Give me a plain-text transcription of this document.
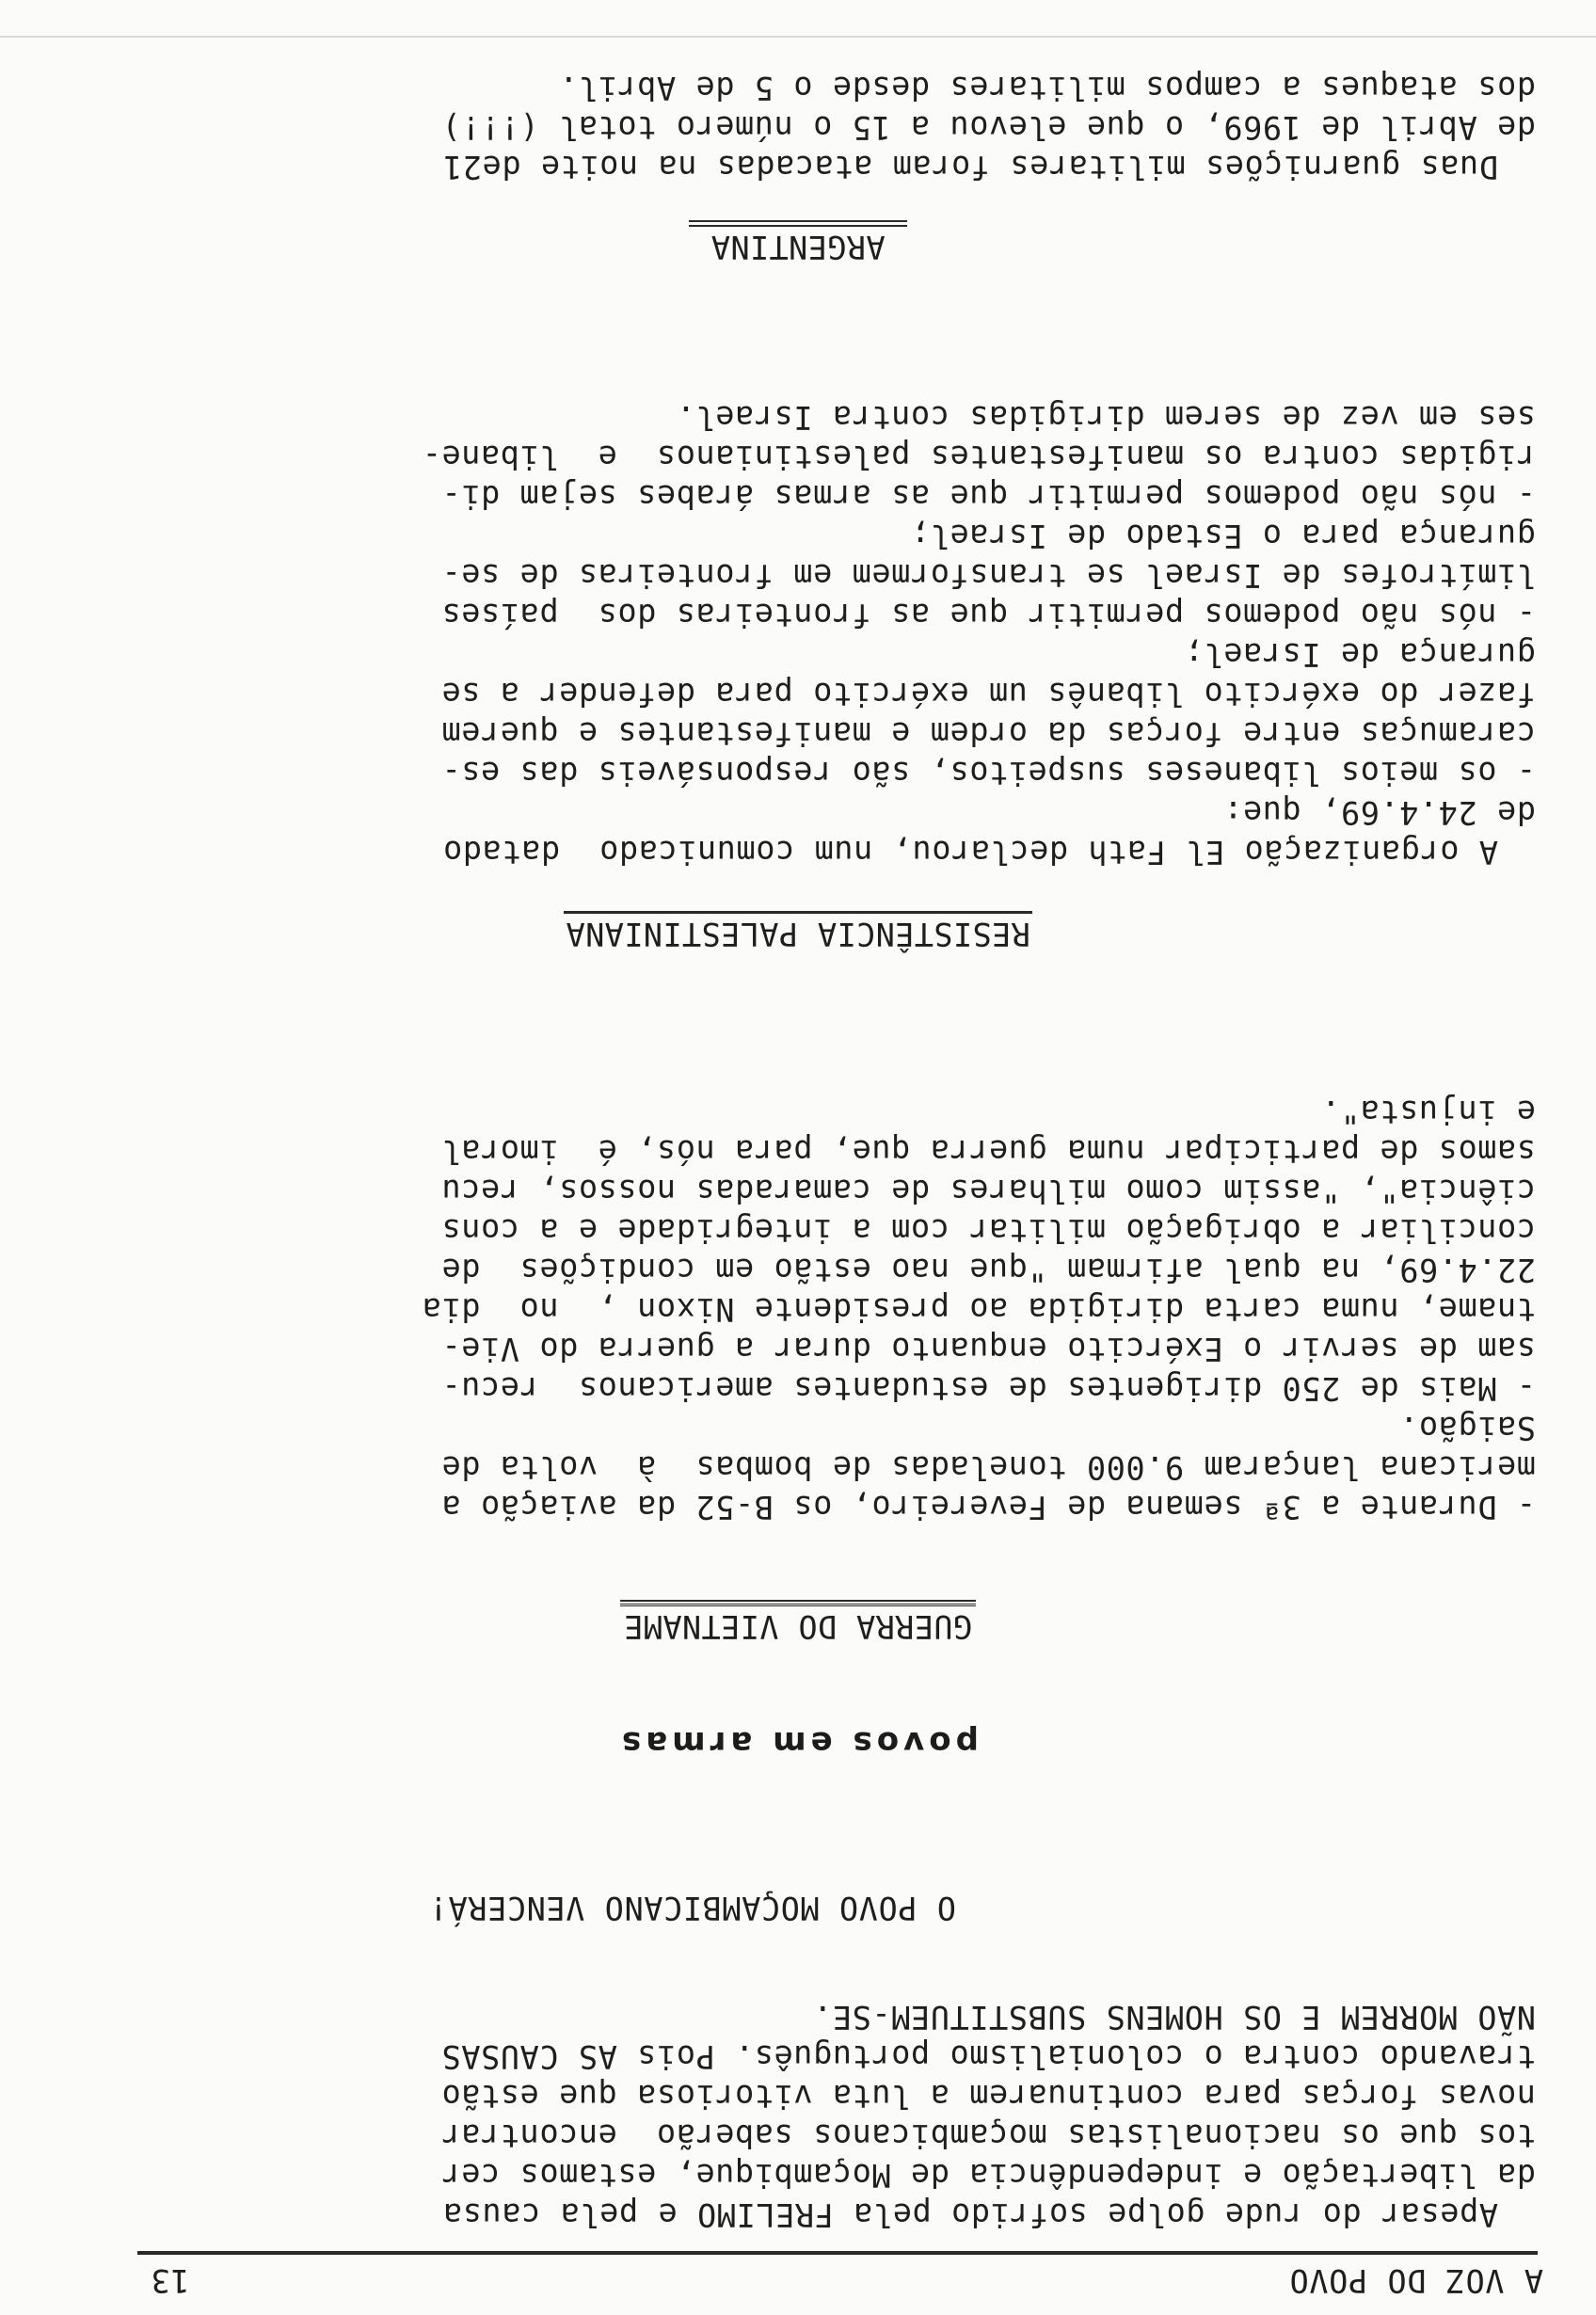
A VOZ DO POVO
13
Apesar do rude golpe sofrido pela FRELIMO e pela causa
da libertação e independência de Moçambique, estamos cer
tos que os nacionalistas moçambicanos saberão  encontrar
novas forças para continuarem a luta vitoriosa que estão
travando contra o colonialismo português. Pois AS CAUSAS
NÃO MORREM E OS HOMENS SUBSTITUEM-SE.
O POVO MOÇAMBICANO VENCERÁ!
povos em armas
GUERRA DO VIETNAME
- Durante a 3ª semana de Fevereiro, os B-52 da aviação a
mericana lançaram 9.000 toneladas de bombas  à  volta de
Saigão.
- Mais de 250 dirigentes de estudantes americanos  recu-
sam de servir o Exército enquanto durar a guerra do Vie-
tname, numa carta dirigida ao presidente Nixon ,  no  dia
22.4.69, na qual afirmam "que nao estão em condições  de
conciliar a obrigação militar com a integridade e a cons
ciência", "assim como milhares de camaradas nossos, recu
samos de participar numa guerra que, para nós, é  imoral
e injusta".
RESISTÊNCIA PALESTINIANA
A organização El Fath declarou, num comunicado  datado
de 24.4.69, que:
- os meios libaneses suspeitos, são responsáveis das es-
caramuças entre forças da ordem e manifestantes e querem
fazer do exército libanês um exército para defender a se
gurança de Israel;
- nós não podemos permitir que as fronteiras dos  países
limítrofes de Israel se transformem em fronteiras de se-
gurança para o Estado de Israel;
- nós não podemos permitir que as armas árabes sejam di-
rigidas contra os manifestantes palestinianos  e  libane-
ses em vez de serem dirigidas contra Israel.
ARGENTINA
Duas guarnições militares foram atacadas na noite de21
de Abril de 1969, o que elevou a 15 o número total (!!!)
dos ataques a campos militares desde o 5 de Abril.
